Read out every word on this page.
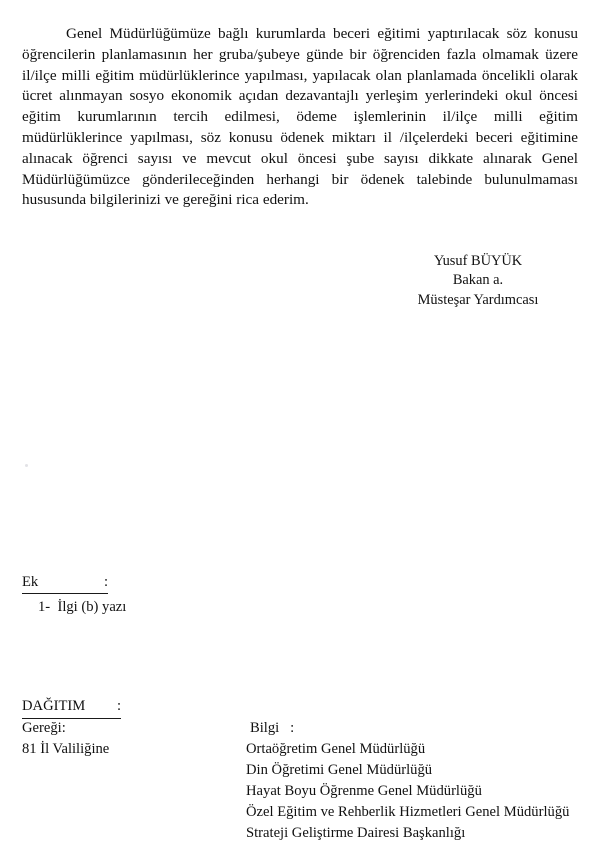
Genel Müdürlüğümüze bağlı kurumlarda beceri eğitimi yaptırılacak söz konusu öğrencilerin planlamasının her gruba/şubeye günde bir öğrenciden fazla olmamak üzere il/ilçe milli eğitim müdürlüklerince yapılması, yapılacak olan planlamada öncelikli olarak ücret alınmayan sosyo ekonomik açıdan dezavantajlı yerleşim yerlerindeki okul öncesi eğitim kurumlarının tercih edilmesi, ödeme işlemlerinin il/ilçe milli eğitim müdürlüklerince yapılması, söz konusu ödenek miktarı il /ilçelerdeki beceri eğitimine alınacak öğrenci sayısı ve mevcut okul öncesi şube sayısı dikkate alınarak Genel Müdürlüğümüzce gönderileceğinden herhangi bir ödenek talebinde bulunulmaması hususunda bilgilerinizi ve gereğini rica ederim.

Yusuf BÜYÜK
Bakan a.
Müsteşar Yardımcası
Ek	:
1-  İlgi (b) yazı
DAĞITIM :
Gereği:
81 İl Valiliğine
Bilgi   :
Ortaöğretim Genel Müdürlüğü
Din Öğretimi Genel Müdürlüğü
Hayat Boyu Öğrenme Genel Müdürlüğü
Özel Eğitim ve Rehberlik Hizmetleri Genel Müdürlüğü
Strateji Geliştirme Dairesi Başkanlığı
